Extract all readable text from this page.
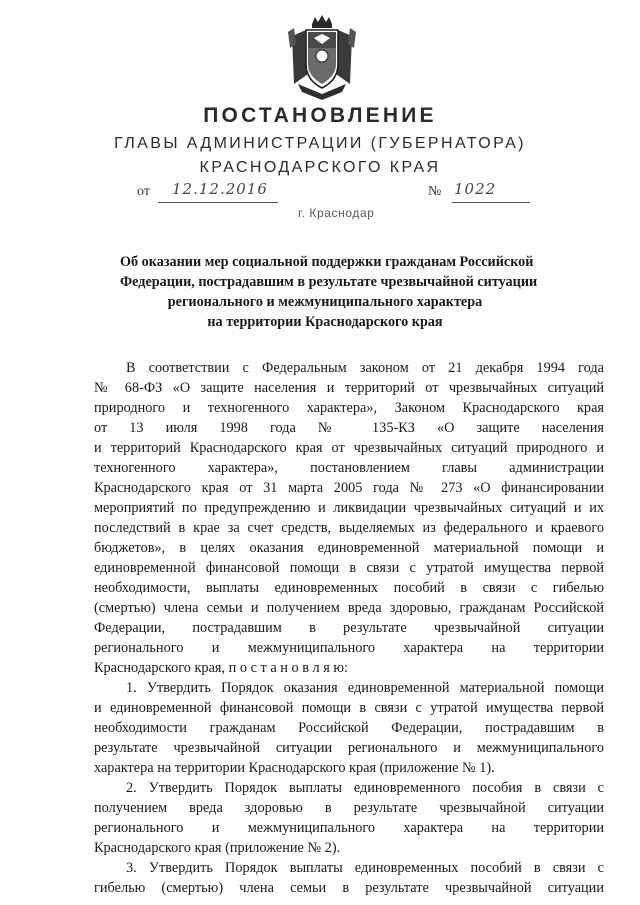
ПОСТАНОВЛЕНИЕ
ГЛАВЫ АДМИНИСТРАЦИИ (ГУБЕРНАТОРА)
КРАСНОДАРСКОГО КРАЯ
от 12.12.2016	№ 1022
г. Краснодар
Об оказании мер социальной поддержки гражданам Российской
Федерации, пострадавшим в результате чрезвычайной ситуации
регионального и межмуниципального характера
на территории Краснодарского края
В соответствии с Федеральным законом от 21 декабря 1994 года
№ 68-ФЗ «О защите населения и территорий от чрезвычайных ситуаций
природного и техногенного характера», Законом Краснодарского края
от 13 июля 1998 года № 135-КЗ «О защите населения
и территорий Краснодарского края от чрезвычайных ситуаций природного и
техногенного характера», постановлением главы администрации
Краснодарского края от 31 марта 2005 года № 273 «О финансировании
мероприятий по предупреждению и ликвидации чрезвычайных ситуаций и их
последствий в крае за счет средств, выделяемых из федерального и краевого
бюджетов», в целях оказания единовременной материальной помощи и
единовременной финансовой помощи в связи с утратой имущества первой
необходимости, выплаты единовременных пособий в связи с гибелью
(смертью) члена семьи и получением вреда здоровью, гражданам Российской
Федерации, пострадавшим в результате чрезвычайной ситуации
регионального и межмуниципального характера на территории
Краснодарского края, п о с т а н о в л я ю:
1. Утвердить Порядок оказания единовременной материальной помощи
и единовременной финансовой помощи в связи с утратой имущества первой
необходимости гражданам Российской Федерации, пострадавшим в
результате чрезвычайной ситуации регионального и межмуниципального
характера на территории Краснодарского края (приложение № 1).
2. Утвердить Порядок выплаты единовременного пособия в связи с
получением вреда здоровью в результате чрезвычайной ситуации
регионального и межмуниципального характера на территории
Краснодарского края (приложение № 2).
3. Утвердить Порядок выплаты единовременных пособий в связи с
гибелью (смертью) члена семьи в результате чрезвычайной ситуации
